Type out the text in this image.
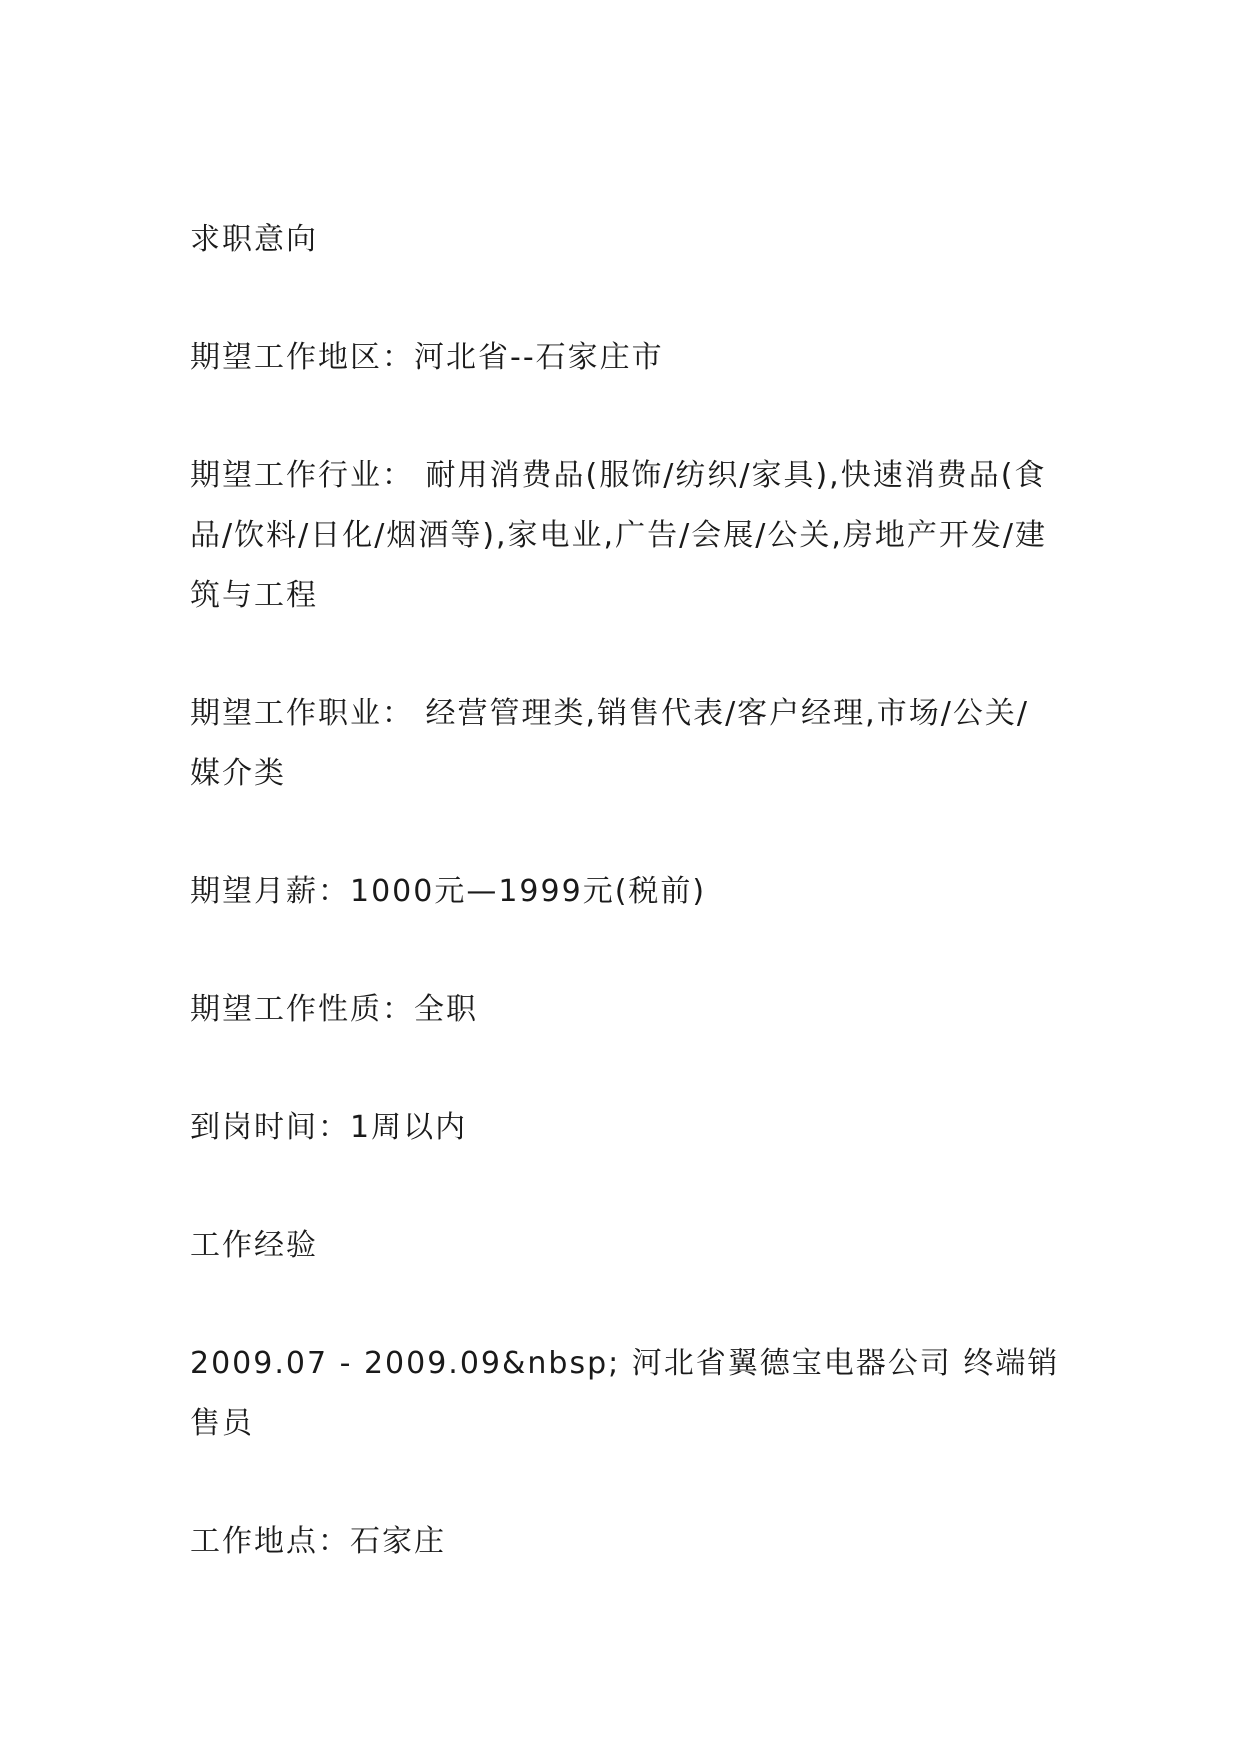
求职意向

期望工作地区：河北省--石家庄市

期望工作行业： 耐用消费品(服饰/纺织/家具),快速消费品(食品/饮料/日化/烟酒等),家电业,广告/会展/公关,房地产开发/建筑与工程

期望工作职业： 经营管理类,销售代表/客户经理,市场/公关/媒介类

期望月薪：1000元—1999元(税前)

期望工作性质：全职

到岗时间：1周以内

工作经验

2009.07 - 2009.09&nbsp; 河北省翼德宝电器公司 终端销售员

工作地点：石家庄
